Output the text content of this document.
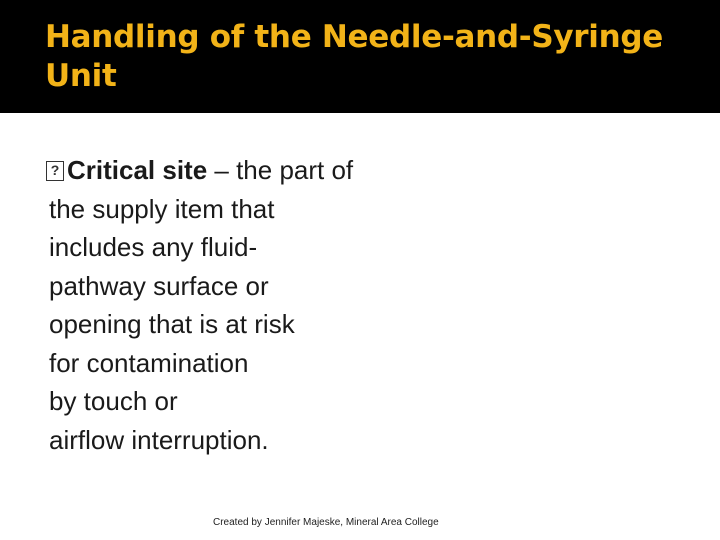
Handling of the Needle-and-Syringe Unit
?Critical site – the part of
the supply item that
includes any fluid-
pathway surface or
opening that is at risk
for contamination
by touch or
airflow interruption.
Created by Jennifer Majeske, Mineral Area College
